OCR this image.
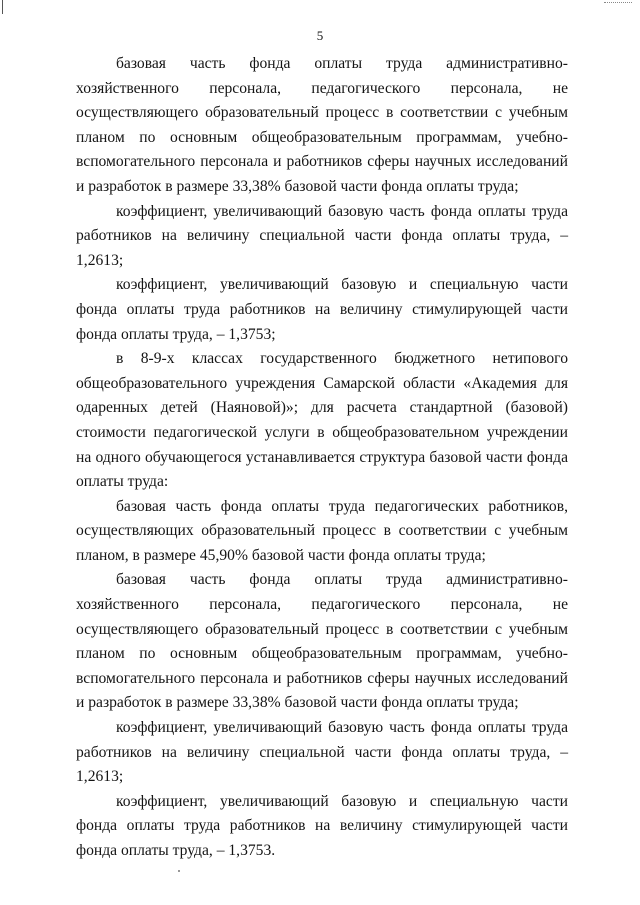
5

базовая часть фонда оплаты труда административно-хозяйственного персонала, педагогического персонала, не осуществляющего образовательный процесс в соответствии с учебным планом по основным общеобразовательным программам, учебно-вспомогательного персонала и работников сферы научных исследований и разработок в размере 33,38% базовой части фонда оплаты труда;

коэффициент, увеличивающий базовую часть фонда оплаты труда работников на величину специальной части фонда оплаты труда, – 1,2613;

коэффициент, увеличивающий базовую и специальную части фонда оплаты труда работников на величину стимулирующей части фонда оплаты труда, – 1,3753;

в 8-9-х классах государственного бюджетного нетипового общеобразовательного учреждения Самарской области «Академия для одаренных детей (Наяновой)»; для расчета стандартной (базовой) стоимости педагогической услуги в общеобразовательном учреждении на одного обучающегося устанавливается структура базовой части фонда оплаты труда:

базовая часть фонда оплаты труда педагогических работников, осуществляющих образовательный процесс в соответствии с учебным планом, в размере 45,90% базовой части фонда оплаты труда;

базовая часть фонда оплаты труда административно-хозяйственного персонала, педагогического персонала, не осуществляющего образовательный процесс в соответствии с учебным планом по основным общеобразовательным программам, учебно-вспомогательного персонала и работников сферы научных исследований и разработок в размере 33,38% базовой части фонда оплаты труда;

коэффициент, увеличивающий базовую часть фонда оплаты труда работников на величину специальной части фонда оплаты труда, – 1,2613;

коэффициент, увеличивающий базовую и специальную части фонда оплаты труда работников на величину стимулирующей части фонда оплаты труда, – 1,3753.
